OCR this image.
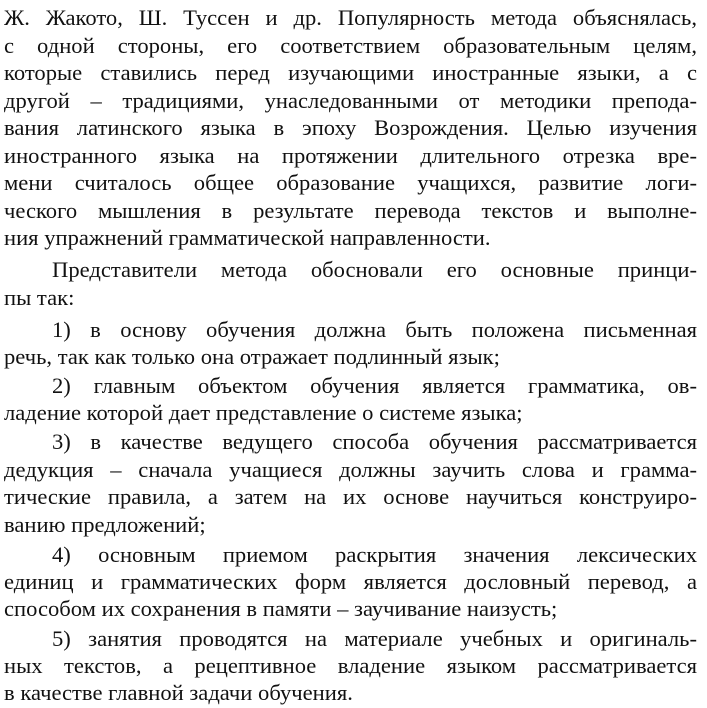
Ж. Жакото, Ш. Туссен и др. Популярность метода объяснялась,
с одной стороны, его соответствием образовательным целям,
которые ставились перед изучающими иностранные языки, а с
другой – традициями, унаследованными от методики препода-
вания латинского языка в эпоху Возрождения. Целью изучения
иностранного языка на протяжении длительного отрезка вре-
мени считалось общее образование учащихся, развитие логи-
ческого мышления в результате перевода текстов и выполне-
ния упражнений грамматической направленности.
Представители метода обосновали его основные принци-
пы так:
1) в основу обучения должна быть положена письменная
речь, так как только она отражает подлинный язык;
2) главным объектом обучения является грамматика, ов-
ладение которой дает представление о системе языка;
3) в качестве ведущего способа обучения рассматривается
дедукция – сначала учащиеся должны заучить слова и грамма-
тические правила, а затем на их основе научиться конструиро-
ванию предложений;
4) основным приемом раскрытия значения лексических
единиц и грамматических форм является дословный перевод, а
способом их сохранения в памяти – заучивание наизусть;
5) занятия проводятся на материале учебных и оригиналь-
ных текстов, а рецептивное владение языком рассматривается
в качестве главной задачи обучения.
